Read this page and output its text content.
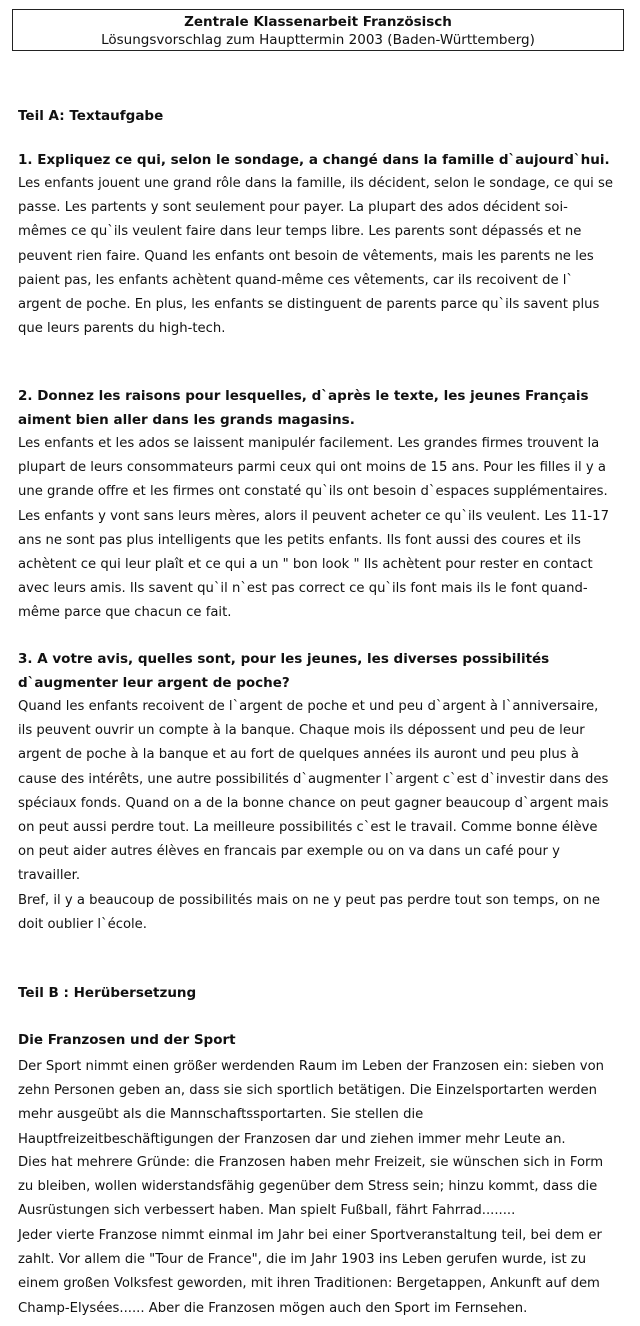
Zentrale Klassenarbeit Französisch
Lösungsvorschlag zum Haupttermin 2003 (Baden-Württemberg)
Teil A: Textaufgabe
1. Expliquez ce qui, selon le sondage, a changé dans la famille d`aujourd`hui.
Les enfants jouent une grand rôle dans la famille, ils décident, selon le sondage, ce qui se passe. Les partents y sont seulement pour payer. La plupart des ados décident soi-mêmes ce qu`ils veulent faire dans leur temps libre. Les parents sont dépassés et ne peuvent rien faire. Quand les enfants ont besoin de vêtements, mais les parents ne les paient pas, les enfants achètent quand-même ces vêtements, car ils recoivent de l` argent de poche. En plus, les enfants se distinguent de parents parce qu`ils savent plus que leurs parents du high-tech.
2. Donnez les raisons pour lesquelles, d`après le texte, les jeunes Français aiment bien aller dans les grands magasins.
Les enfants et les ados se laissent manipulér facilement. Les grandes firmes trouvent la plupart de leurs consommateurs parmi ceux qui ont moins de 15 ans. Pour les filles il y a une grande offre et les firmes ont constaté qu`ils ont besoin d`espaces supplémentaires. Les enfants y vont sans leurs mères, alors il peuvent acheter ce qu`ils veulent. Les 11-17 ans ne sont pas plus intelligents que les petits enfants. Ils font aussi des coures et ils achètent ce qui leur plaît et ce qui a un " bon look " Ils achètent pour rester en contact avec leurs amis. Ils savent qu`il n`est pas correct ce qu`ils font mais ils le font quand-même parce que chacun ce fait.
3. A votre avis, quelles sont, pour les jeunes, les diverses possibilités d`augmenter leur argent de poche?
Quand les enfants recoivent de l`argent de poche et und peu d`argent à l`anniversaire, ils peuvent ouvrir un compte à la banque. Chaque mois ils dépossent und peu de leur argent de poche à la banque et au fort de quelques années ils auront und peu plus à cause des intérêts, une autre possibilités d`augmenter l`argent c`est d`investir dans des spéciaux fonds. Quand on a de la bonne chance on peut gagner beaucoup d`argent mais on peut aussi perdre tout. La meilleure possibilités c`est le travail. Comme bonne élève on peut aider autres élèves en francais par exemple ou on va dans un café pour y travailler.
Bref, il y a beaucoup de possibilités mais on ne y peut pas perdre tout son temps, on ne doit oublier l`école.
Teil B : Herübersetzung
Die Franzosen und der Sport
Der Sport nimmt einen größer werdenden Raum im Leben der Franzosen ein: sieben von zehn Personen geben an, dass sie sich sportlich betätigen. Die Einzelsportarten werden mehr ausgeübt als die Mannschaftssportarten. Sie stellen die Hauptfreizeitbeschäftigungen der Franzosen dar und ziehen immer mehr Leute an.
Dies hat mehrere Gründe: die Franzosen haben mehr Freizeit, sie wünschen sich in Form zu bleiben, wollen widerstandsfähig gegenüber dem Stress sein; hinzu kommt, dass die Ausrüstungen sich verbessert haben. Man spielt Fußball, fährt Fahrrad........
Jeder vierte Franzose nimmt einmal im Jahr bei einer Sportveranstaltung teil, bei dem er zahlt. Vor allem die "Tour de France", die im Jahr 1903 ins Leben gerufen wurde, ist zu einem großen Volksfest geworden, mit ihren Traditionen: Bergetappen, Ankunft auf dem Champ-Elysées...... Aber die Franzosen mögen auch den Sport im Fernsehen.
